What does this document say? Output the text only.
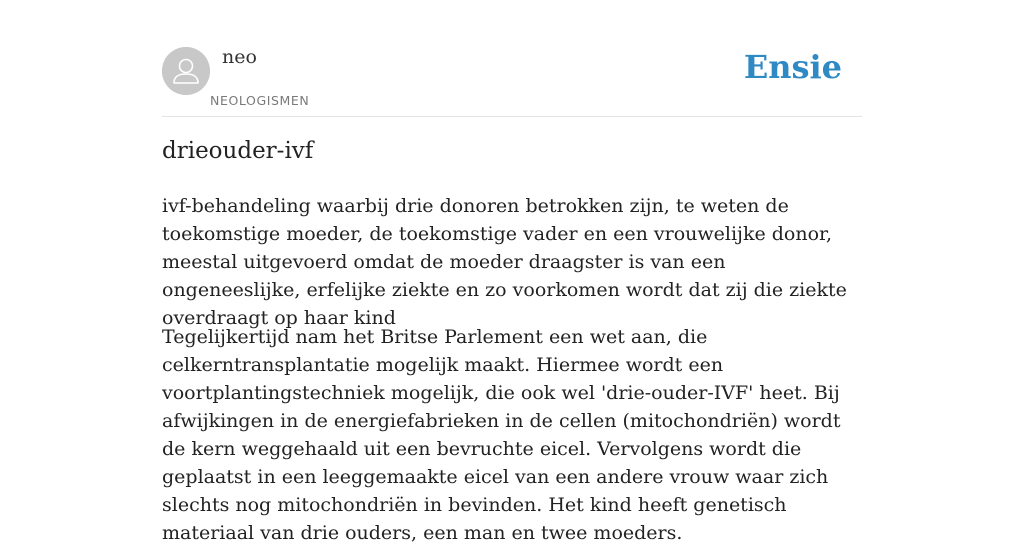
neo
NEOLOGISMEN
Ensie
drieouder-ivf

ivf-behandeling waarbij drie donoren betrokken zijn, te weten de toekomstige moeder, de toekomstige vader en een vrouwelijke donor, meestal uitgevoerd omdat de moeder draagster is van een ongeneeslijke, erfelijke ziekte en zo voorkomen wordt dat zij die ziekte overdraagt op haar kind

Tegelijkertijd nam het Britse Parlement een wet aan, die celkerntransplantatie mogelijk maakt. Hiermee wordt een voortplantingstechniek mogelijk, die ook wel 'drie-ouder-IVF' heet. Bij afwijkingen in de energiefabrieken in de cellen (mitochondriën) wordt de kern weggehaald uit een bevruchte eicel. Vervolgens wordt die geplaatst in een leeggemaakte eicel van een andere vrouw waar zich slechts nog mitochondriën in bevinden. Het kind heeft genetisch materiaal van drie ouders, een man en twee moeders.
